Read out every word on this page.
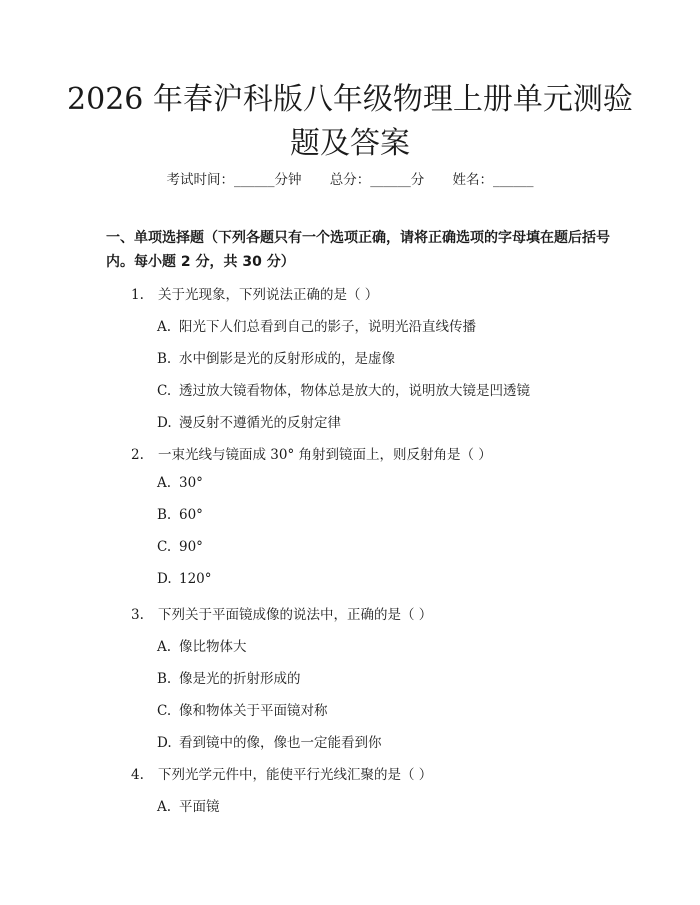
2026 年春沪科版八年级物理上册单元测验题及答案
考试时间：______分钟 总分：______分 姓名：______
一、单项选择题（下列各题只有一个选项正确，请将正确选项的字母填在题后括号内。每小题 2 分，共 30 分）
1. 关于光现象，下列说法正确的是（ ）
A. 阳光下人们总看到自己的影子，说明光沿直线传播
B. 水中倒影是光的反射形成的，是虚像
C. 透过放大镜看物体，物体总是放大的，说明放大镜是凹透镜
D. 漫反射不遵循光的反射定律
2. 一束光线与镜面成 30° 角射到镜面上，则反射角是（ ）
A. 30°
B. 60°
C. 90°
D. 120°
3. 下列关于平面镜成像的说法中，正确的是（ ）
A. 像比物体大
B. 像是光的折射形成的
C. 像和物体关于平面镜对称
D. 看到镜中的像，像也一定能看到你
4. 下列光学元件中，能使平行光线汇聚的是（ ）
A. 平面镜
